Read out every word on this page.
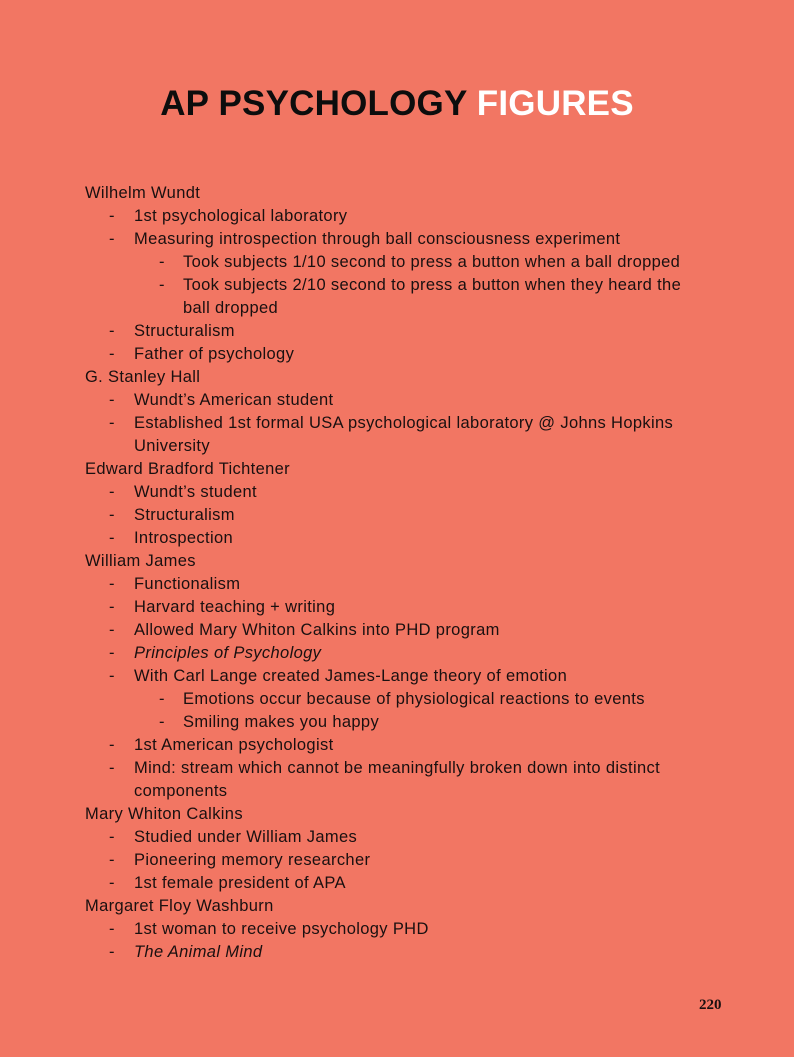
AP PSYCHOLOGY FIGURES
Wilhelm Wundt
- 1st psychological laboratory
- Measuring introspection through ball consciousness experiment
- Took subjects 1/10 second to press a button when a ball dropped
- Took subjects 2/10 second to press a button when they heard the
ball dropped
- Structuralism
- Father of psychology
G. Stanley Hall
- Wundt’s American student
- Established 1st formal USA psychological laboratory @ Johns Hopkins
University
Edward Bradford Tichtener
- Wundt’s student
- Structuralism
- Introspection
William James
- Functionalism
- Harvard teaching + writing
- Allowed Mary Whiton Calkins into PHD program
- Principles of Psychology
- With Carl Lange created James-Lange theory of emotion
- Emotions occur because of physiological reactions to events
- Smiling makes you happy
- 1st American psychologist
- Mind: stream which cannot be meaningfully broken down into distinct
components
Mary Whiton Calkins
- Studied under William James
- Pioneering memory researcher
- 1st female president of APA
Margaret Floy Washburn
- 1st woman to receive psychology PHD
- The Animal Mind
220
